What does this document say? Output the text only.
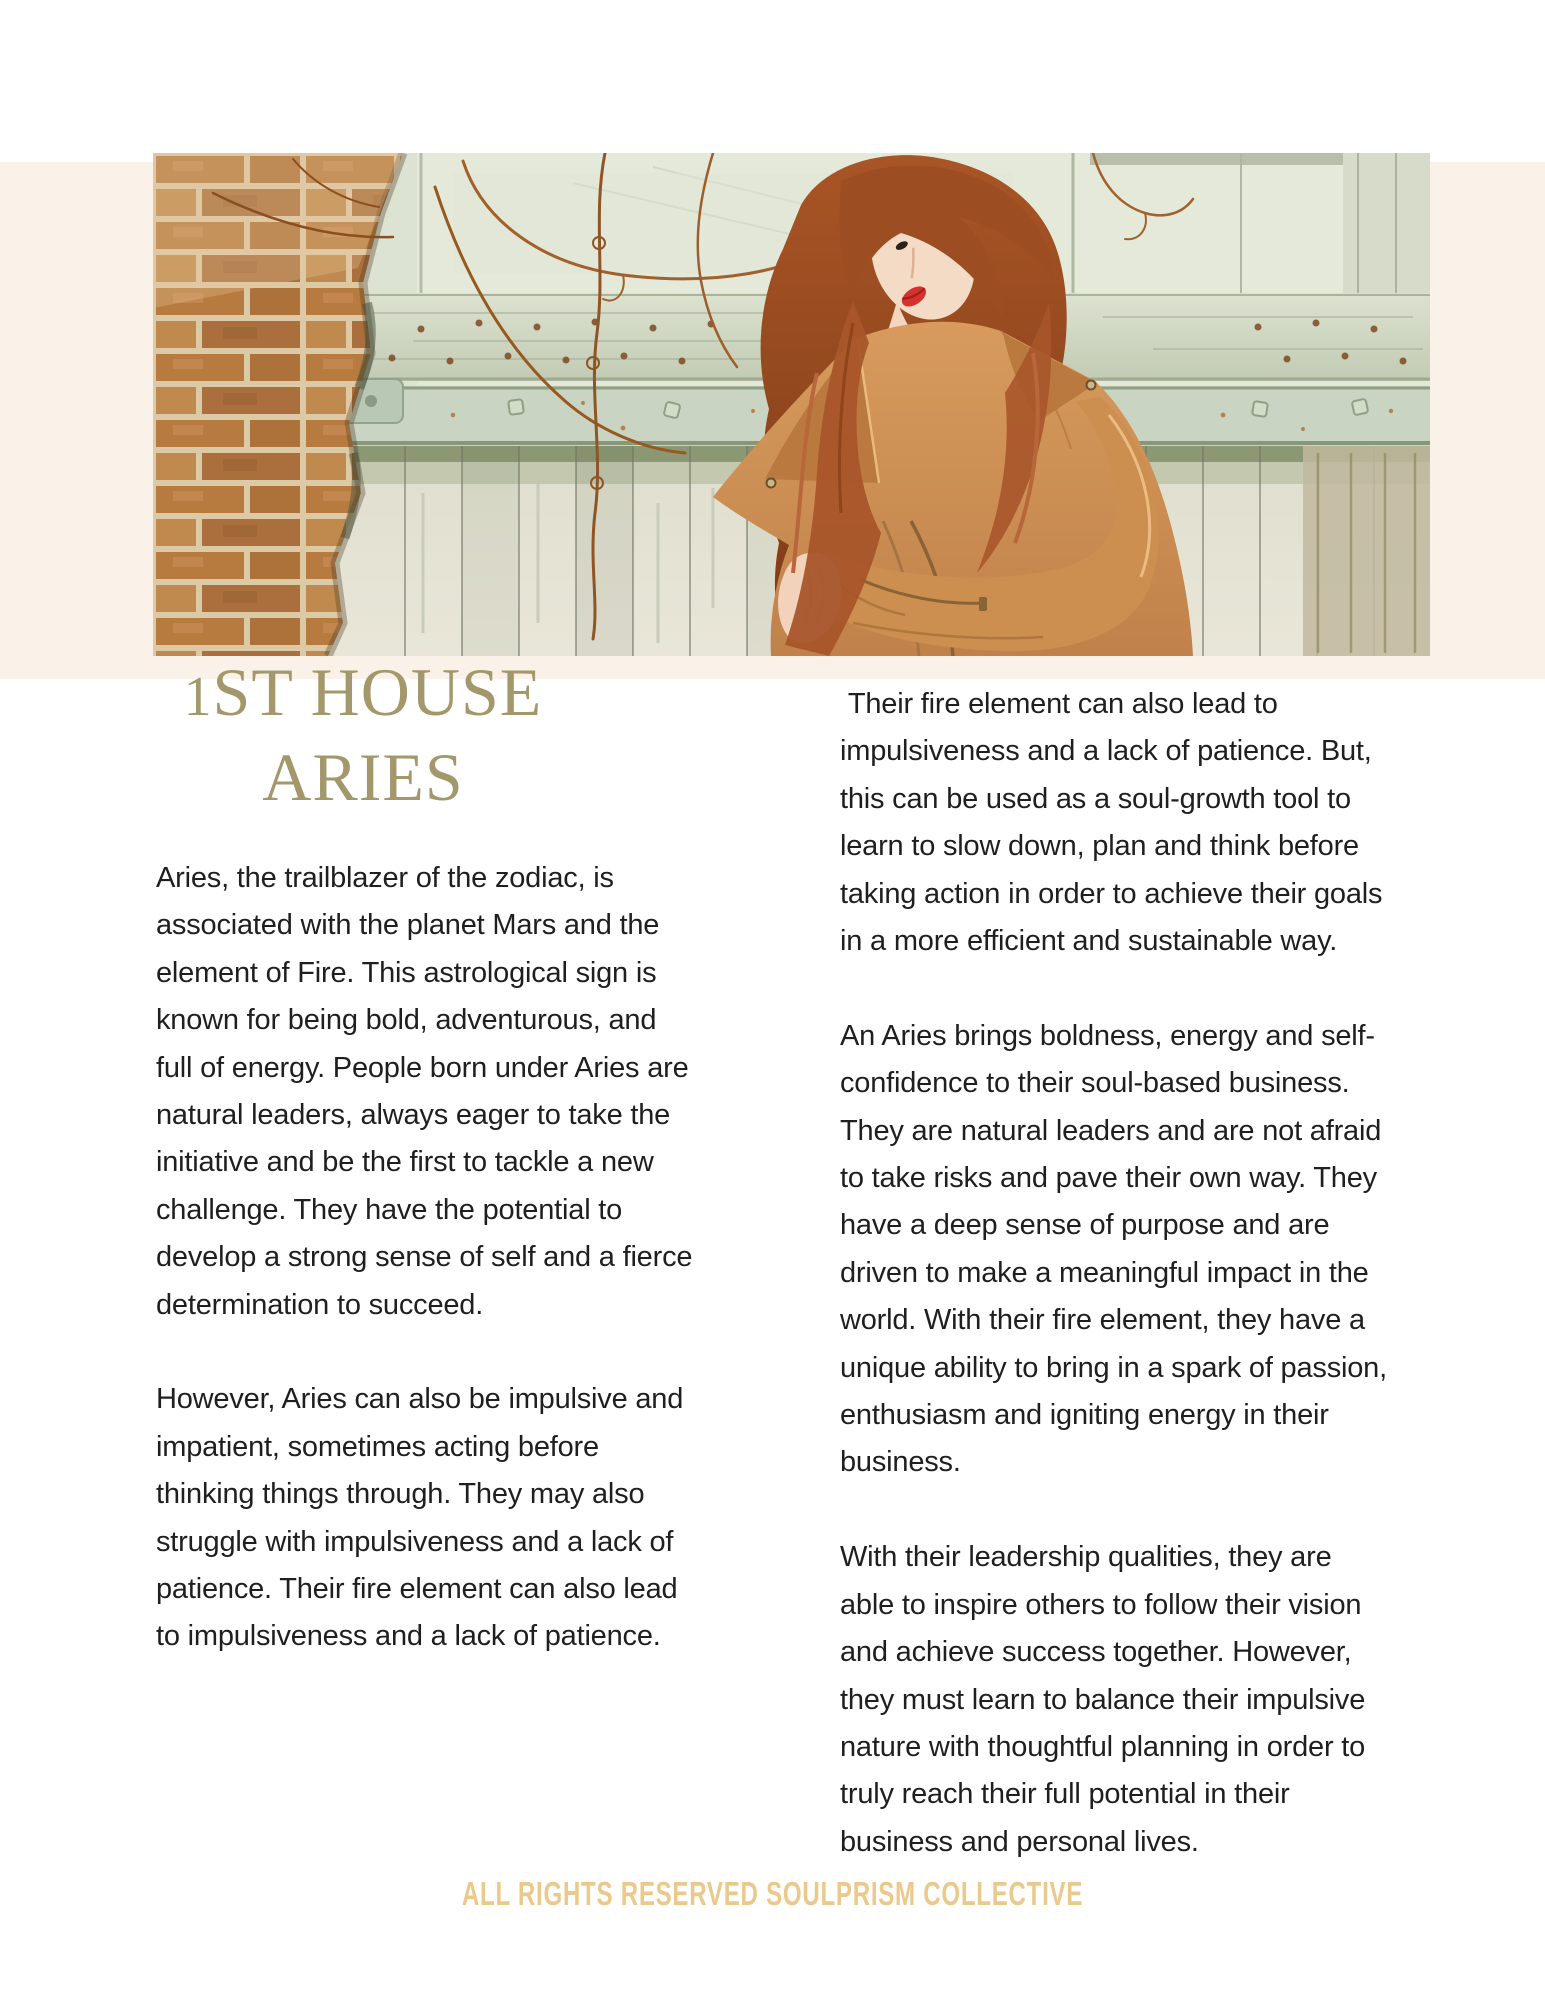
1ST HOUSE
ARIES

Aries, the trailblazer of the zodiac, is
associated with the planet Mars and the
element of Fire. This astrological sign is
known for being bold, adventurous, and
full of energy. People born under Aries are
natural leaders, always eager to take the
initiative and be the first to tackle a new
challenge. They have the potential to
develop a strong sense of self and a fierce
determination to succeed.

However, Aries can also be impulsive and
impatient, sometimes acting before
thinking things through. They may also
struggle with impulsiveness and a lack of
patience. Their fire element can also lead
to impulsiveness and a lack of patience.

Their fire element can also lead to
impulsiveness and a lack of patience. But,
this can be used as a soul-growth tool to
learn to slow down, plan and think before
taking action in order to achieve their goals
in a more efficient and sustainable way.

An Aries brings boldness, energy and self-
confidence to their soul-based business.
They are natural leaders and are not afraid
to take risks and pave their own way. They
have a deep sense of purpose and are
driven to make a meaningful impact in the
world. With their fire element, they have a
unique ability to bring in a spark of passion,
enthusiasm and igniting energy in their
business.

With their leadership qualities, they are
able to inspire others to follow their vision
and achieve success together. However,
they must learn to balance their impulsive
nature with thoughtful planning in order to
truly reach their full potential in their
business and personal lives.

ALL RIGHTS RESERVED SOULPRISM COLLECTIVE
